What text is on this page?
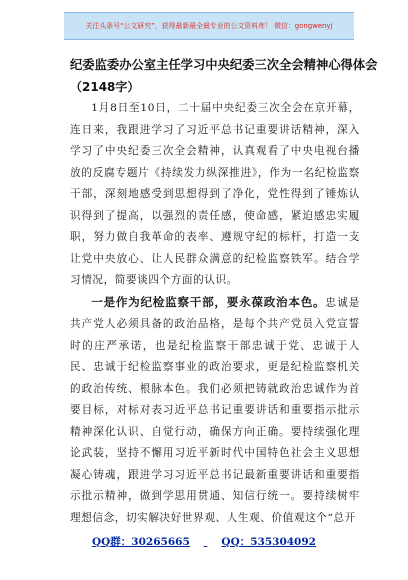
关注头条号“公文研究”，获得最新最全最专业的公文资料库！ 微信：gongwenyj
纪委监委办公室主任学习中央纪委三次全会精神心得体会
（2148字）

1月8日至10日，二十届中央纪委三次全会在京开幕，连日来，我跟进学习了习近平总书记重要讲话精神，深入学习了中央纪委三次全会精神，认真观看了中央电视台播放的反腐专题片《持续发力纵深推进》，作为一名纪检监察干部，深刻地感受到思想得到了净化，党性得到了锤炼认识得到了提高，以强烈的责任感，使命感，紧迫感忠实履职，努力做自我革命的表率、遵规守纪的标杆，打造一支让党中央放心、让人民群众满意的纪检监察铁军。结合学习情况，简要谈四个方面的认识。

一是作为纪检监察干部，要永葆政治本色。忠诚是共产党人必须具备的政治品格，是每个共产党员入党宣誓时的庄严承诺，也是纪检监察干部忠诚于党、忠诚于人民、忠诚于纪检监察事业的政治要求，更是纪检监察机关的政治传统、根脉本色。我们必须把铸就政治忠诚作为首要目标，对标对表习近平总书记重要讲话和重要指示批示精神深化认识、自觉行动，确保方向正确。要持续强化理论武装，坚持不懈用习近平新时代中国特色社会主义思想凝心铸魂，跟进学习习近平总书记最新重要讲话和重要指示批示精神，做到学思用贯通、知信行统一。要持续树牢理想信念，切实解决好世界观、人生观、价值观这个“总开

QQ群：30265665	QQ：535304092
